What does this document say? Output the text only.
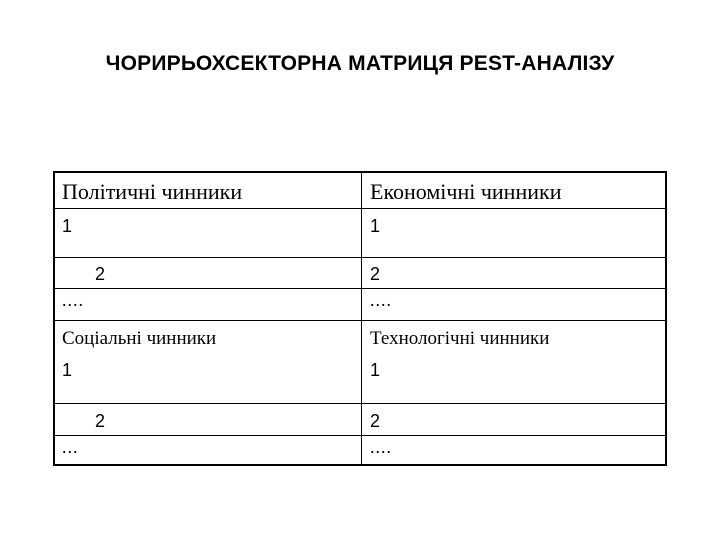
ЧОРИРЬОХСЕКТОРНА МАТРИЦЯ PEST-АНАЛІЗУ
Політичні чинники
1
2
....
Економічні чинники
1
2
....
Соціальні чинники
1
2
...
Технологічні чинники
1
2
....
